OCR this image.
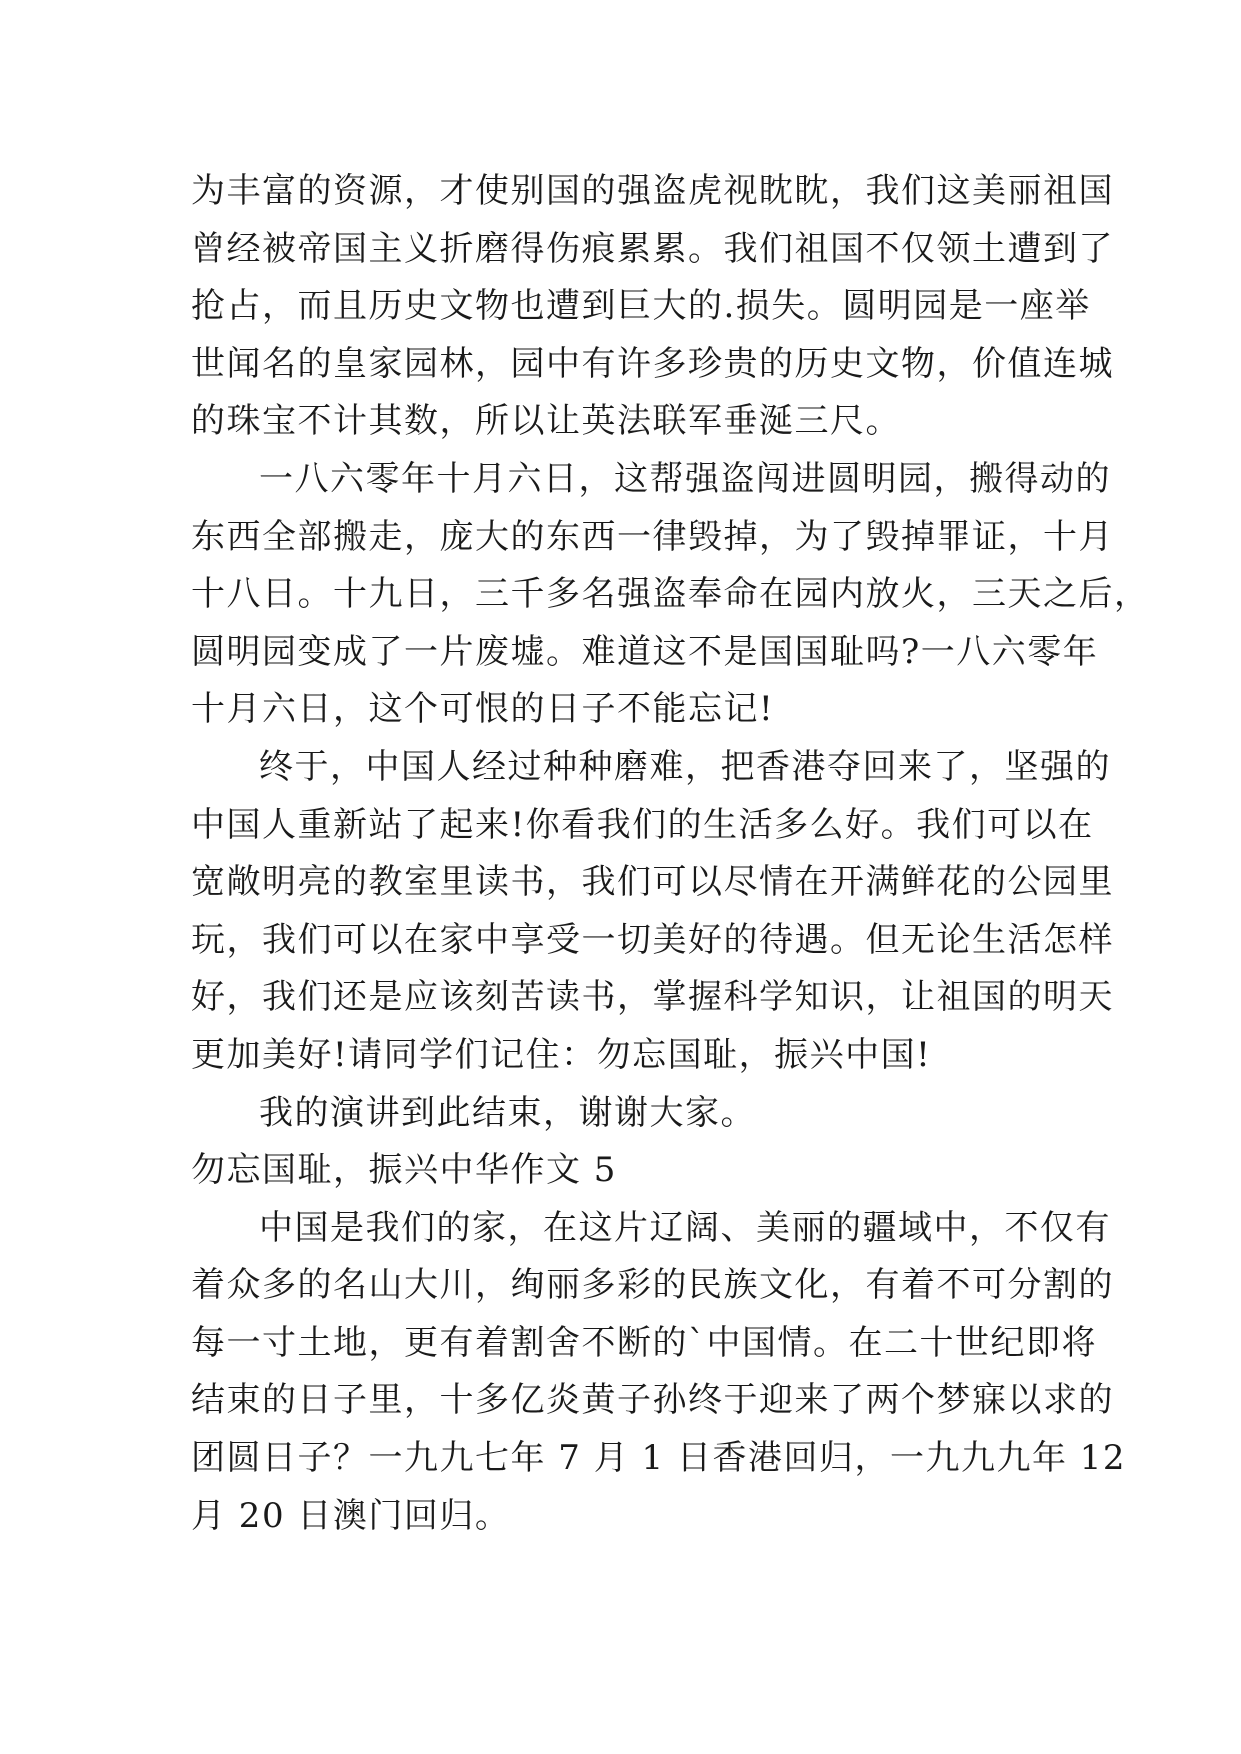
为丰富的资源，才使别国的强盗虎视眈眈，我们这美丽祖国
曾经被帝国主义折磨得伤痕累累。我们祖国不仅领土遭到了
抢占，而且历史文物也遭到巨大的.损失。圆明园是一座举
世闻名的皇家园林，园中有许多珍贵的历史文物，价值连城
的珠宝不计其数，所以让英法联军垂涎三尺。
一八六零年十月六日，这帮强盗闯进圆明园，搬得动的
东西全部搬走，庞大的东西一律毁掉，为了毁掉罪证，十月
十八日。十九日，三千多名强盗奉命在园内放火，三天之后，
圆明园变成了一片废墟。难道这不是国国耻吗?一八六零年
十月六日，这个可恨的日子不能忘记!
终于，中国人经过种种磨难，把香港夺回来了，坚强的
中国人重新站了起来!你看我们的生活多么好。我们可以在
宽敞明亮的教室里读书，我们可以尽情在开满鲜花的公园里
玩，我们可以在家中享受一切美好的待遇。但无论生活怎样
好，我们还是应该刻苦读书，掌握科学知识，让祖国的明天
更加美好!请同学们记住：勿忘国耻，振兴中国!
我的演讲到此结束，谢谢大家。
勿忘国耻，振兴中华作文 5
中国是我们的家，在这片辽阔、美丽的疆域中，不仅有
着众多的名山大川，绚丽多彩的民族文化，有着不可分割的
每一寸土地，更有着割舍不断的`中国情。在二十世纪即将
结束的日子里，十多亿炎黄子孙终于迎来了两个梦寐以求的
团圆日子？一九九七年 7 月 1 日香港回归，一九九九年 12
月 20 日澳门回归。
